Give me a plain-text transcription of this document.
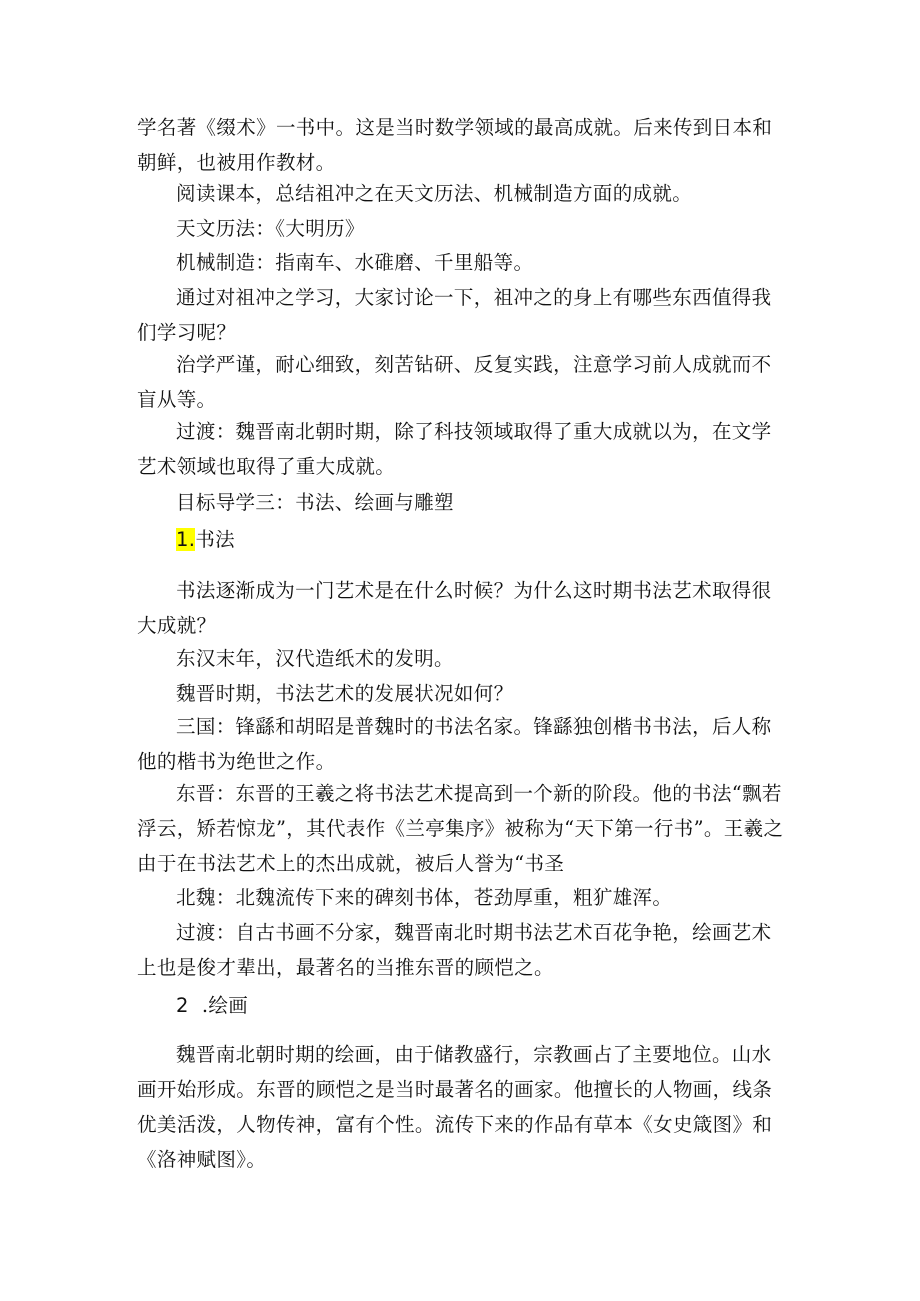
学名著《缀术》一书中。这是当时数学领域的最高成就。后来传到日本和朝鲜，也被用作教材。
阅读课本，总结祖冲之在天文历法、机械制造方面的成就。
天文历法：《大明历》
机械制造：指南车、水碓磨、千里船等。
通过对祖冲之学习，大家讨论一下，祖冲之的身上有哪些东西值得我们学习呢？
治学严谨，耐心细致，刻苦钻研、反复实践，注意学习前人成就而不盲从等。
过渡：魏晋南北朝时期，除了科技领域取得了重大成就以为，在文学艺术领域也取得了重大成就。
目标导学三：书法、绘画与雕塑
1.书法
书法逐渐成为一门艺术是在什么时候？为什么这时期书法艺术取得很大成就？
东汉末年，汉代造纸术的发明。
魏晋时期，书法艺术的发展状况如何？
三国：锋繇和胡昭是普魏时的书法名家。锋繇独创楷书书法，后人称他的楷书为绝世之作。
东晋：东晋的王羲之将书法艺术提高到一个新的阶段。他的书法“飘若浮云，矫若惊龙”，其代表作《兰亭集序》被称为“天下第一行书”。王羲之由于在书法艺术上的杰出成就，被后人誉为“书圣
北魏：北魏流传下来的碑刻书体，苍劲厚重，粗犷雄浑。
过渡：自古书画不分家，魏晋南北时期书法艺术百花争艳，绘画艺术上也是俊才辈出，最著名的当推东晋的顾恺之。
2 .绘画
魏晋南北朝时期的绘画，由于储教盛行，宗教画占了主要地位。山水画开始形成。东晋的顾恺之是当时最著名的画家。他擅长的人物画，线条优美活泼，人物传神，富有个性。流传下来的作品有草本《女史箴图》和《洛神赋图》。
